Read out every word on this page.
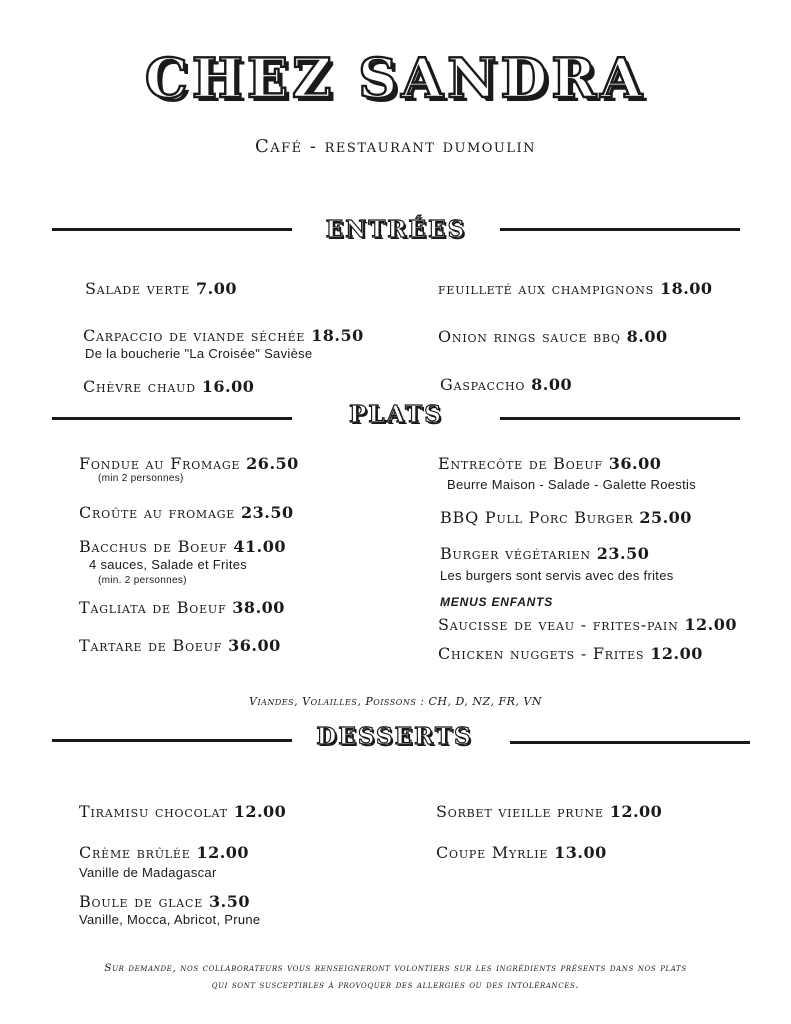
CHEZ SANDRA
Café - restaurant dumoulin
ENTRÉES
Salade verte 7.00
Carpaccio de viande séchée 18.50
De la boucherie "La Croisée" Savièse
Chèvre chaud 16.00
feuilleté aux champignons 18.00
Onion rings sauce bbq 8.00
Gaspaccho 8.00
PLATS
Fondue au Fromage 26.50
(min 2 personnes)
Croûte au fromage 23.50
Bacchus de Boeuf 41.00
4 sauces, Salade et Frites
(min. 2 personnes)
Tagliata de Boeuf 38.00
Tartare de Boeuf 36.00
Entrecôte de Boeuf 36.00
Beurre Maison - Salade - Galette Roestis
BBQ Pull Porc Burger 25.00
Burger végétarien 23.50
Les burgers sont servis avec des frites
MENUS ENFANTS
Saucisse de veau - frites-pain 12.00
Chicken nuggets - Frites 12.00
Viandes, Volailles, Poissons : CH, D, NZ, FR, VN
DESSERTS
Tiramisu chocolat 12.00
Crème brûlée 12.00
Vanille de Madagascar
Boule de glace 3.50
Vanille, Mocca, Abricot, Prune
Sorbet vieille prune 12.00
Coupe Myrlie 13.00
Sur demande, nos collaborateurs vous renseigneront volontiers sur les ingrédients présents dans nos plats
qui sont susceptibles à provoquer des allergies ou des intolérances.
